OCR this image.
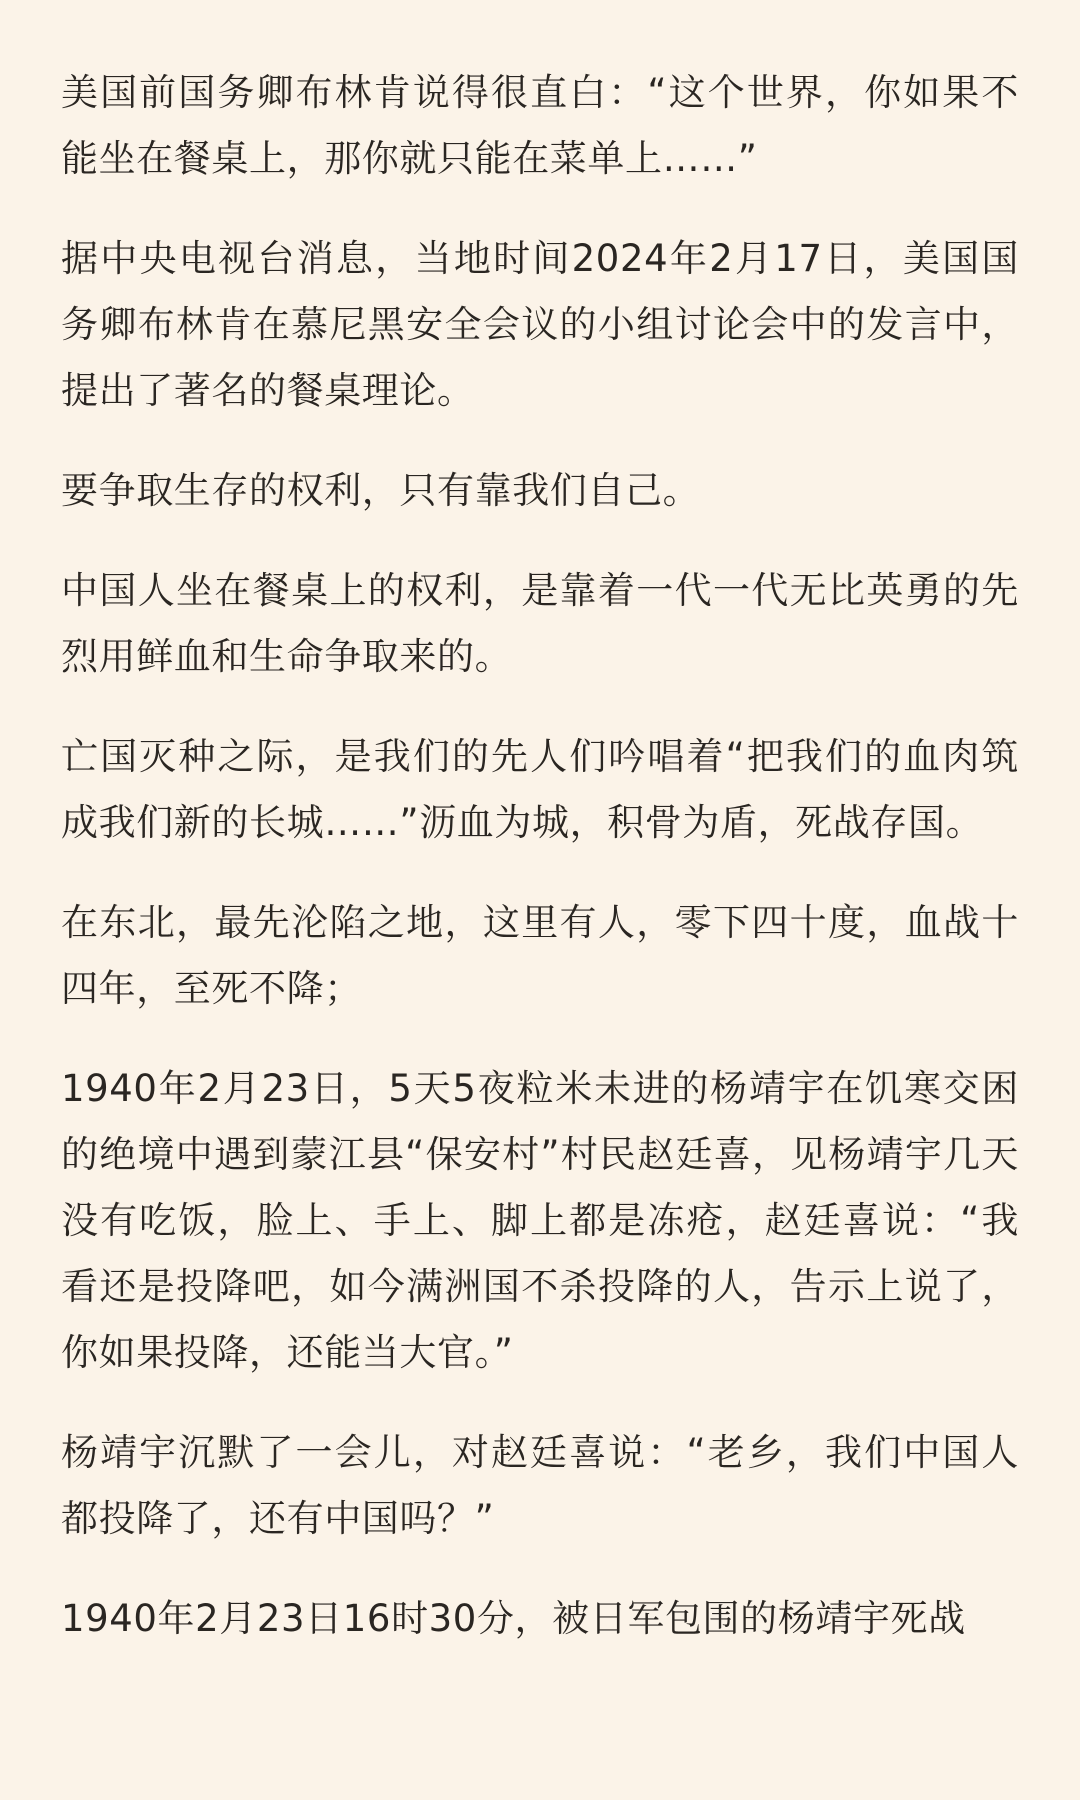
美国前国务卿布林肯说得很直白：“这个世界，你如果不能坐在餐桌上，那你就只能在菜单上……”

据中央电视台消息，当地时间2024年2月17日，美国国务卿布林肯在慕尼黑安全会议的小组讨论会中的发言中，提出了著名的餐桌理论。

要争取生存的权利，只有靠我们自己。

中国人坐在餐桌上的权利，是靠着一代一代无比英勇的先烈用鲜血和生命争取来的。

亡国灭种之际，是我们的先人们吟唱着“把我们的血肉筑成我们新的长城……”沥血为城，积骨为盾，死战存国。

在东北，最先沦陷之地，这里有人，零下四十度，血战十四年，至死不降；

1940年2月23日，5天5夜粒米未进的杨靖宇在饥寒交困的绝境中遇到蒙江县“保安村”村民赵廷喜，见杨靖宇几天没有吃饭，脸上、手上、脚上都是冻疮，赵廷喜说：“我看还是投降吧，如今满洲国不杀投降的人，告示上说了，你如果投降，还能当大官。”

杨靖宇沉默了一会儿，对赵廷喜说：“老乡，我们中国人都投降了，还有中国吗？”

1940年2月23日16时30分，被日军包围的杨靖宇死战
